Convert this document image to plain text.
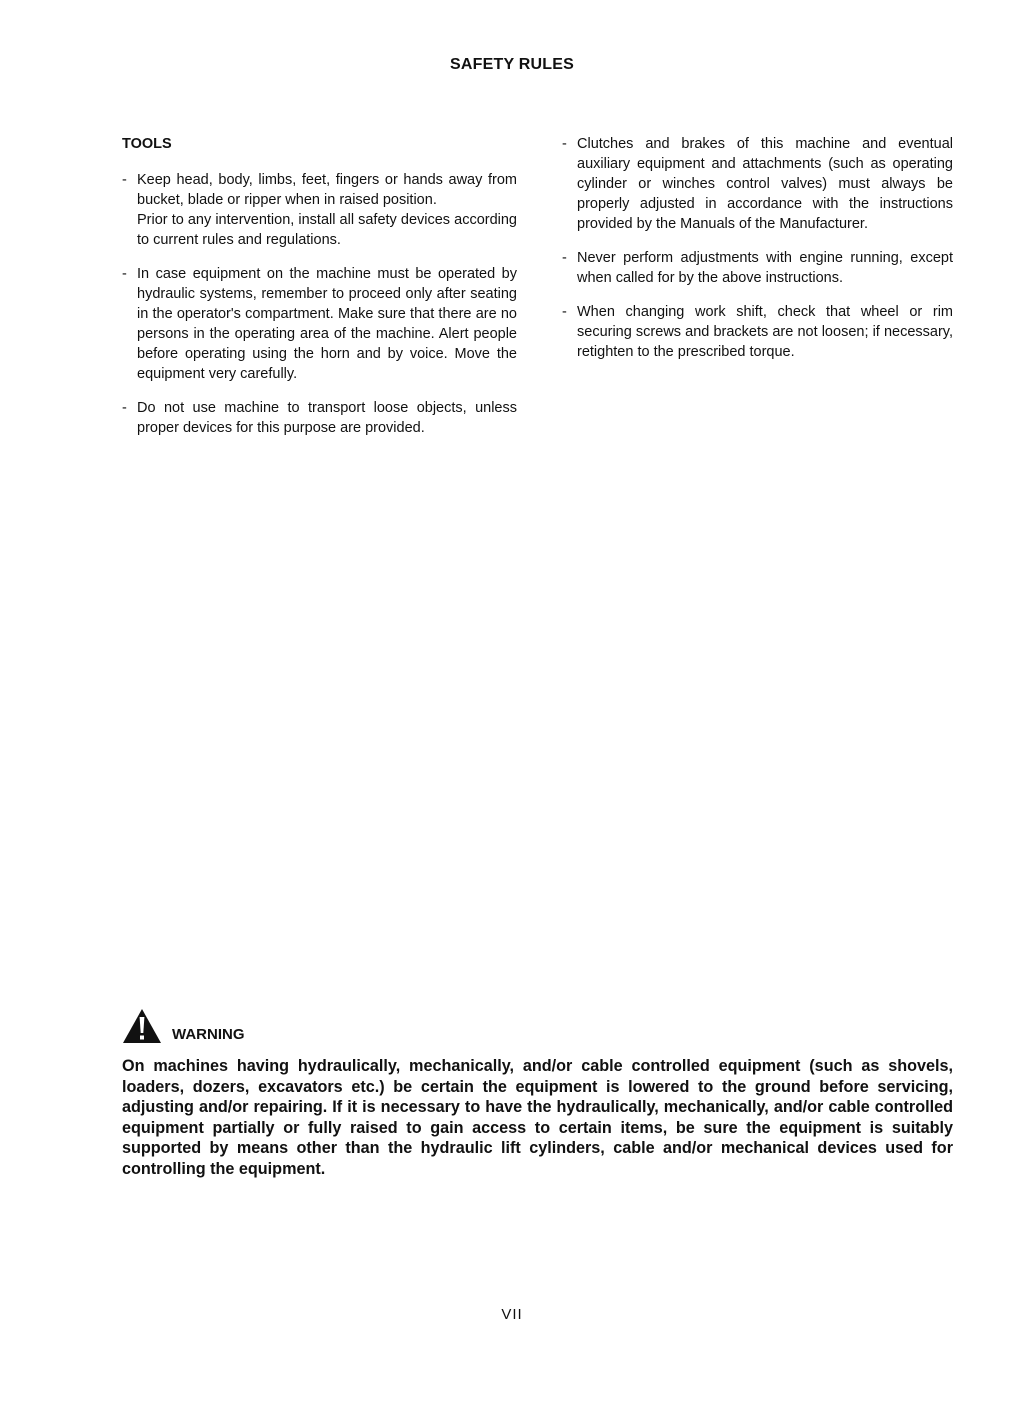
SAFETY RULES
TOOLS
- Keep head, body, limbs, feet, fingers or hands away from bucket, blade or ripper when in raised position.
Prior to any intervention, install all safety devices according to current rules and regulations.
- In case equipment on the machine must be operated by hydraulic systems, remember to proceed only after seating in the operator's compartment. Make sure that there are no persons in the operating area of the machine. Alert people before operating using the horn and by voice. Move the equipment very carefully.
- Do not use machine to transport loose objects, unless proper devices for this purpose are provided.
- Clutches and brakes of this machine and eventual auxiliary equipment and attachments (such as operating cylinder or winches control valves) must always be properly adjusted in accordance with the instructions provided by the Manuals of the Manufacturer.
- Never perform adjustments with engine running, except when called for by the above instructions.
- When changing work shift, check that wheel or rim securing screws and brackets are not loosen; if necessary, retighten to the prescribed torque.
WARNING
On machines having hydraulically, mechanically, and/or cable controlled equipment (such as shovels, loaders, dozers, excavators etc.) be certain the equipment is lowered to the ground before servicing, adjusting and/or repairing. If it is necessary to have the hydraulically, mechanically, and/or cable controlled equipment partially or fully raised to gain access to certain items, be sure the equipment is suitably supported by means other than the hydraulic lift cylinders, cable and/or mechanical devices used for controlling the equipment.
VII
